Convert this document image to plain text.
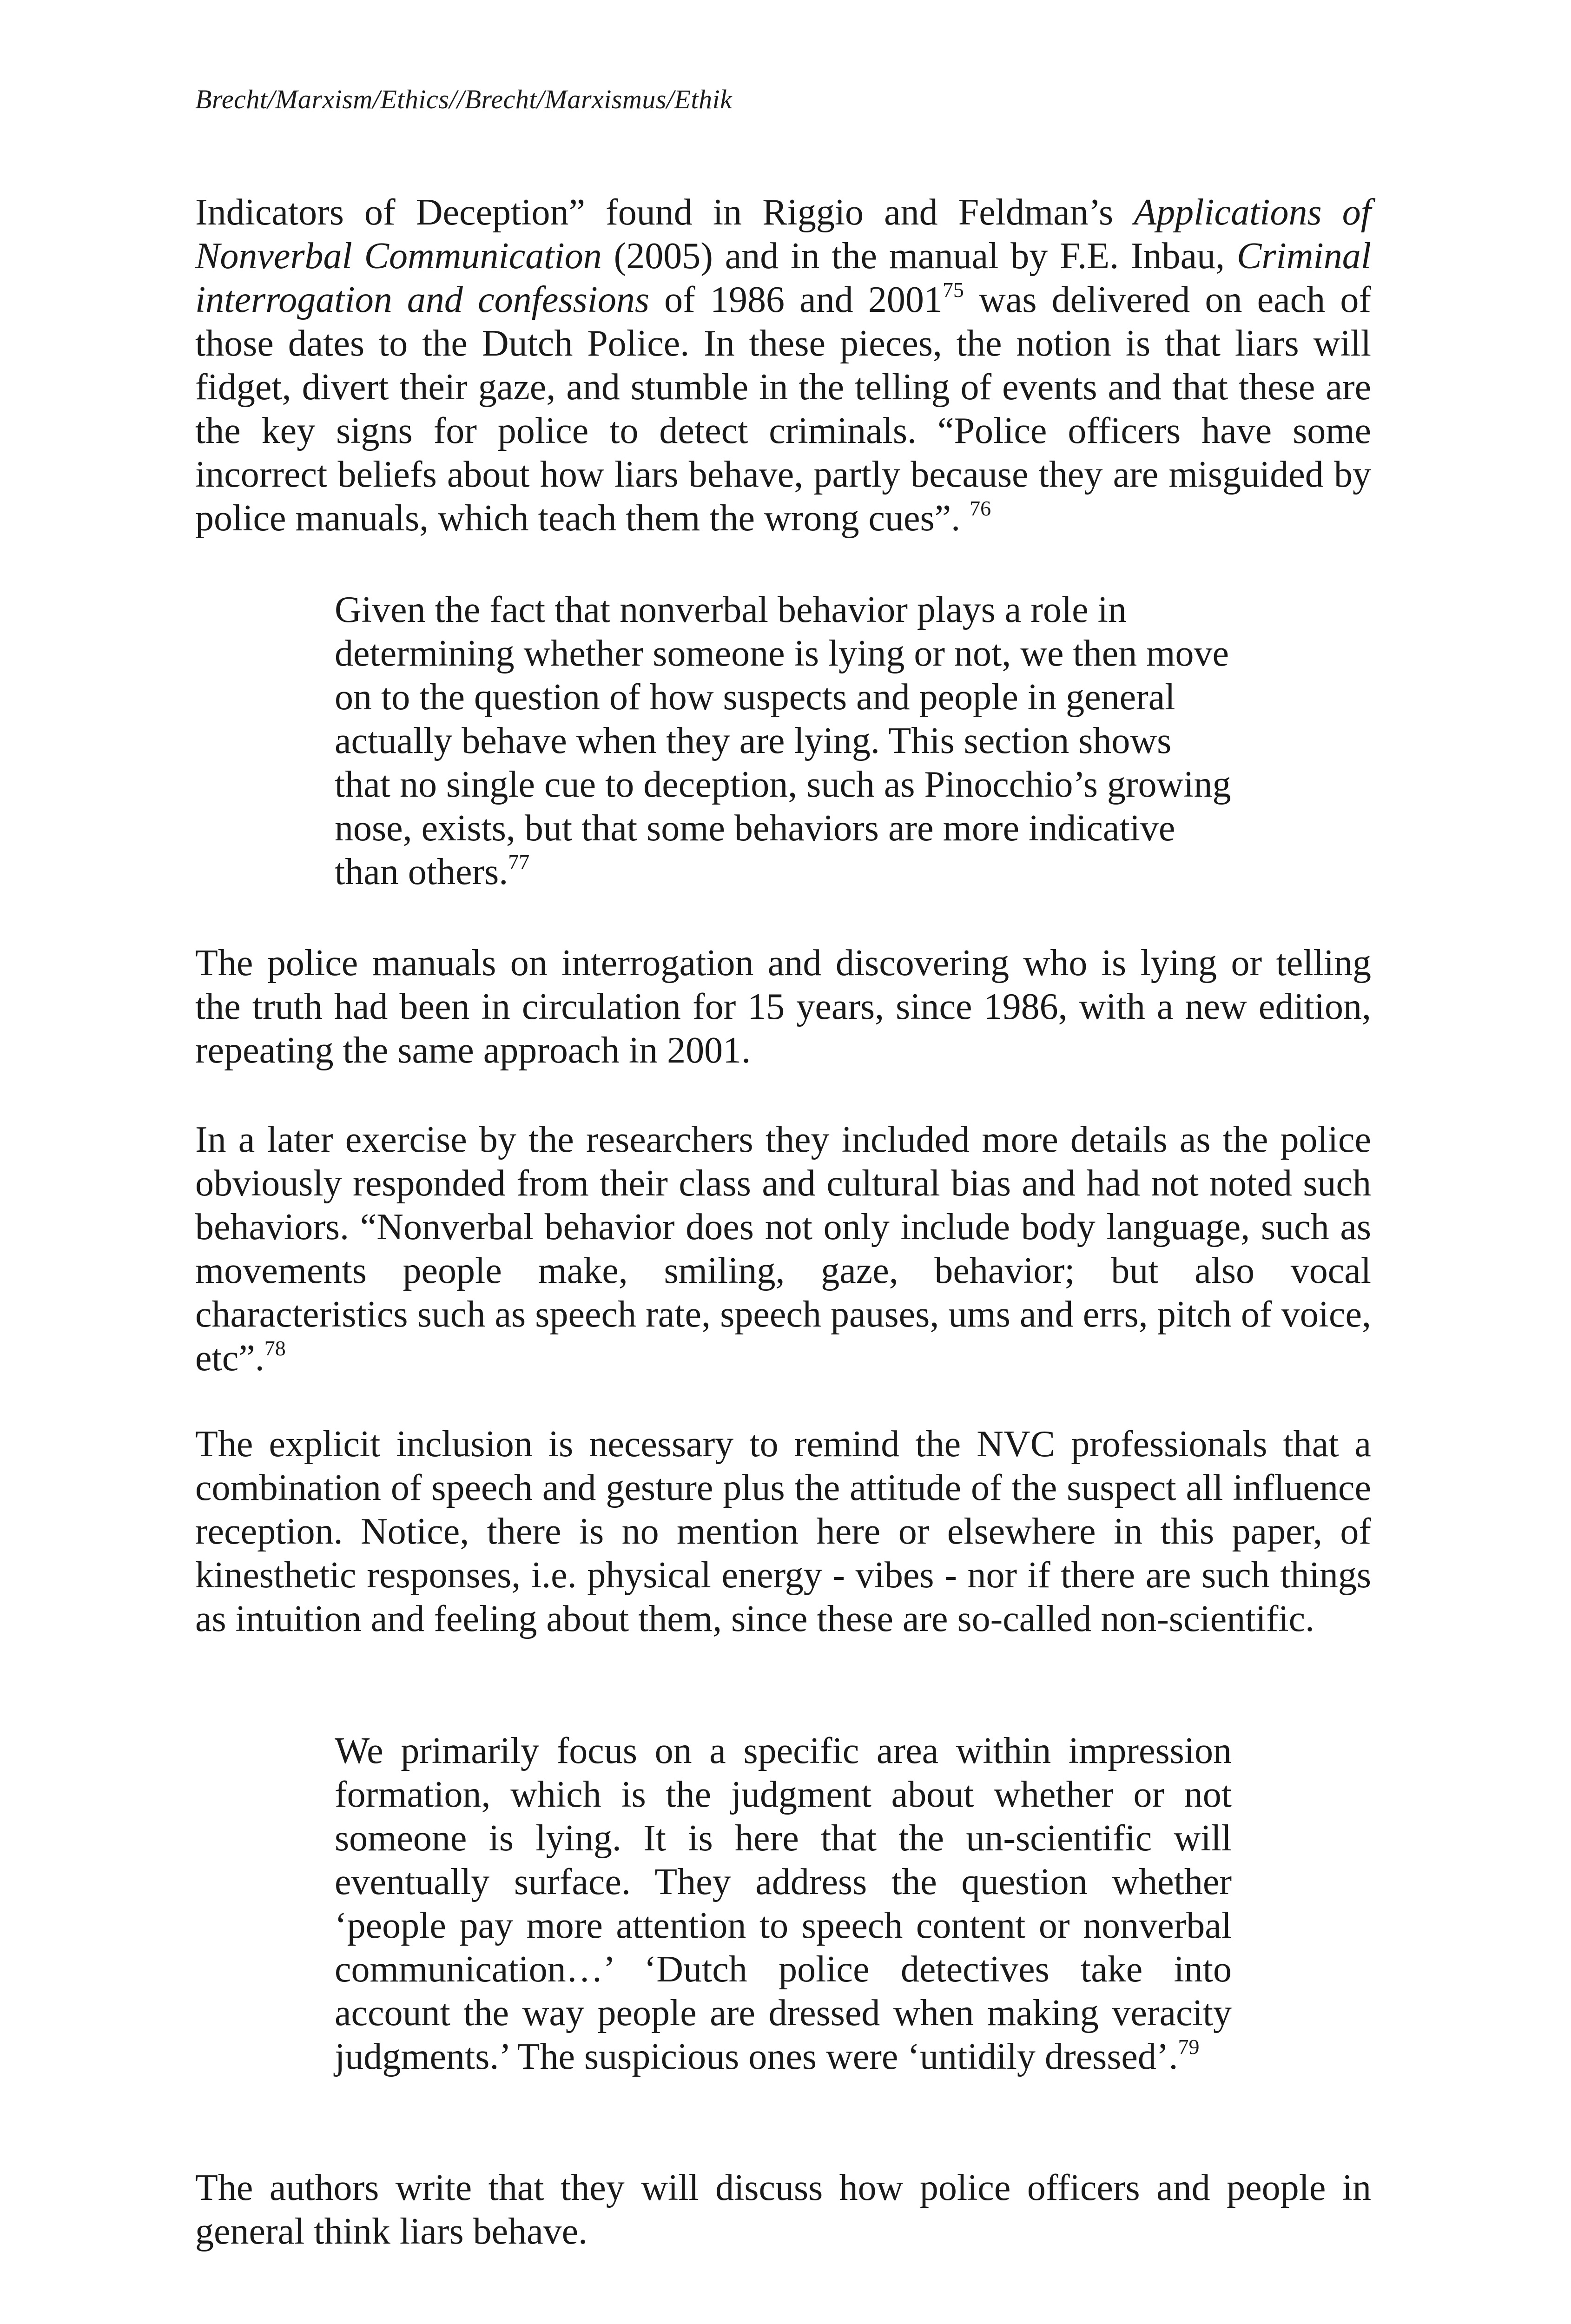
Brecht/Marxism/Ethics//Brecht/Marxismus/Ethik

Indicators of Deception” found in Riggio and Feldman’s Applications of Nonverbal Communication (2005) and in the manual by F.E. Inbau, Criminal interrogation and confessions of 1986 and 2001$^{75}$ was delivered on each of those dates to the Dutch Police. In these pieces, the notion is that liars will fidget, divert their gaze, and stumble in the telling of events and that these are the key signs for police to detect criminals. “Police officers have some incorrect beliefs about how liars behave, partly because they are misguided by police manuals, which teach them the wrong cues”. $^{76}$

Given the fact that nonverbal behavior plays a role in determining whether someone is lying or not, we then move on to the question of how suspects and people in general actually behave when they are lying. This section shows that no single cue to deception, such as Pinocchio’s growing nose, exists, but that some behaviors are more indicative than others.$^{77}$

The police manuals on interrogation and discovering who is lying or telling the truth had been in circulation for 15 years, since 1986, with a new edition, repeating the same approach in 2001.

In a later exercise by the researchers they included more details as the police obviously responded from their class and cultural bias and had not noted such behaviors. “Nonverbal behavior does not only include body language, such as movements people make, smiling, gaze, behavior; but also vocal characteristics such as speech rate, speech pauses, ums and errs, pitch of voice, etc”.$^{78}$

The explicit inclusion is necessary to remind the NVC professionals that a combination of speech and gesture plus the attitude of the suspect all influence reception. Notice, there is no mention here or elsewhere in this paper, of kinesthetic responses, i.e. physical energy - vibes - nor if there are such things as intuition and feeling about them, since these are so-called non-scientific.

We primarily focus on a specific area within impression formation, which is the judgment about whether or not someone is lying. It is here that the un-scientific will eventually surface. They address the question whether ‘people pay more attention to speech content or nonverbal communication…’ ‘Dutch police detectives take into account the way people are dressed when making veracity judgments.’ The suspicious ones were ‘untidily dressed’.$^{79}$

The authors write that they will discuss how police officers and people in general think liars behave.
